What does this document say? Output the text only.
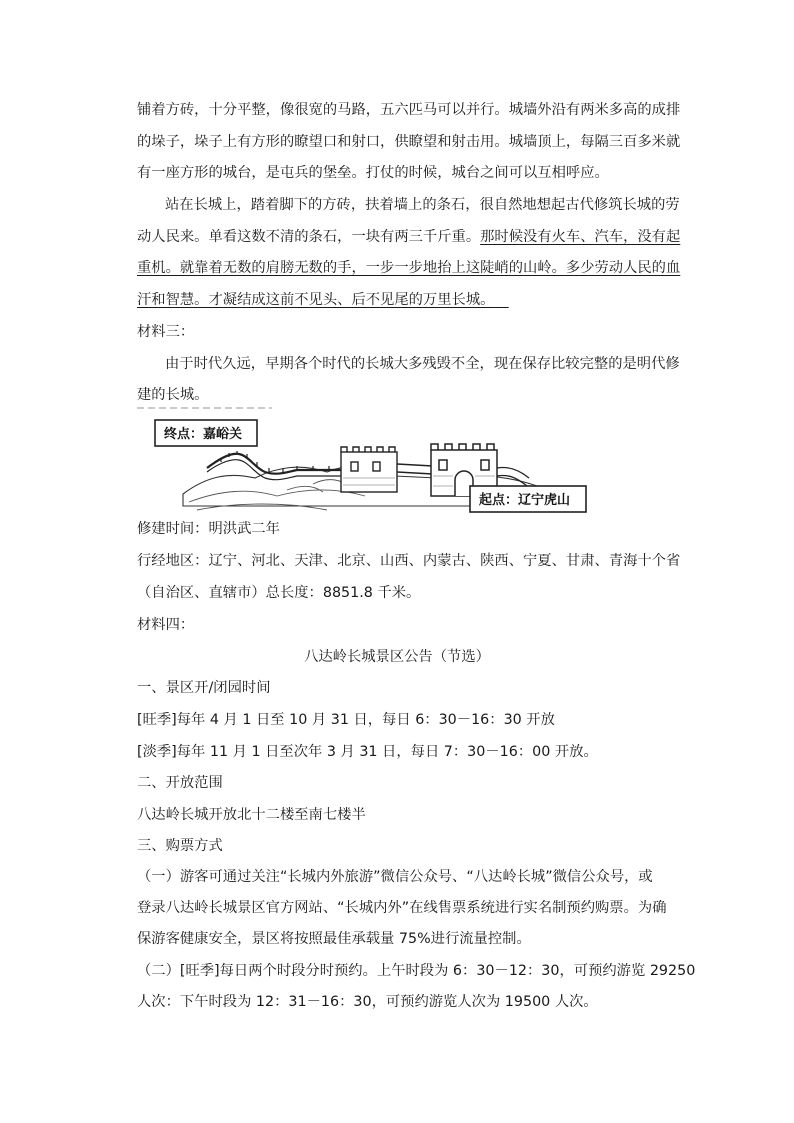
铺着方砖，十分平整，像很宽的马路，五六匹马可以并行。城墙外沿有两米多高的成排
的垛子，垛子上有方形的瞭望口和射口，供瞭望和射击用。城墙顶上，每隔三百多米就
有一座方形的城台，是屯兵的堡垒。打仗的时候，城台之间可以互相呼应。
站在长城上，踏着脚下的方砖，扶着墙上的条石，很自然地想起古代修筑长城的劳
动人民来。单看这数不清的条石，一块有两三千斤重。那时候没有火车、汽车，没有起
重机。就靠着无数的肩膀无数的手，一步一步地抬上这陡峭的山岭。多少劳动人民的血
汗和智慧。才凝结成这前不见头、后不见尾的万里长城。 
材料三：
由于时代久远，早期各个时代的长城大多残毁不全，现在保存比较完整的是明代修
建的长城。
终点：嘉峪关
起点：辽宁虎山
修建时间：明洪武二年
行经地区：辽宁、河北、天津、北京、山西、内蒙古、陕西、宁夏、甘肃、青海十个省
（自治区、直辖市）总长度：8851.8 千米。
材料四：
八达岭长城景区公告（节选）
一、景区开/闭园时间
[旺季]每年 4 月 1 日至 10 月 31 日，每日 6：30－16：30 开放
[淡季]每年 11 月 1 日至次年 3 月 31 日，每日 7：30－16：00 开放。
二、开放范围
八达岭长城开放北十二楼至南七楼半
三、购票方式
（一）游客可通过关注“长城内外旅游”微信公众号、“八达岭长城”微信公众号，或
登录八达岭长城景区官方网站、“长城内外”在线售票系统进行实名制预约购票。为确
保游客健康安全，景区将按照最佳承载量 75%进行流量控制。
（二）[旺季]每日两个时段分时预约。上午时段为 6：30－12：30，可预约游览 29250
人次：下午时段为 12：31－16：30，可预约游览人次为 19500 人次。
